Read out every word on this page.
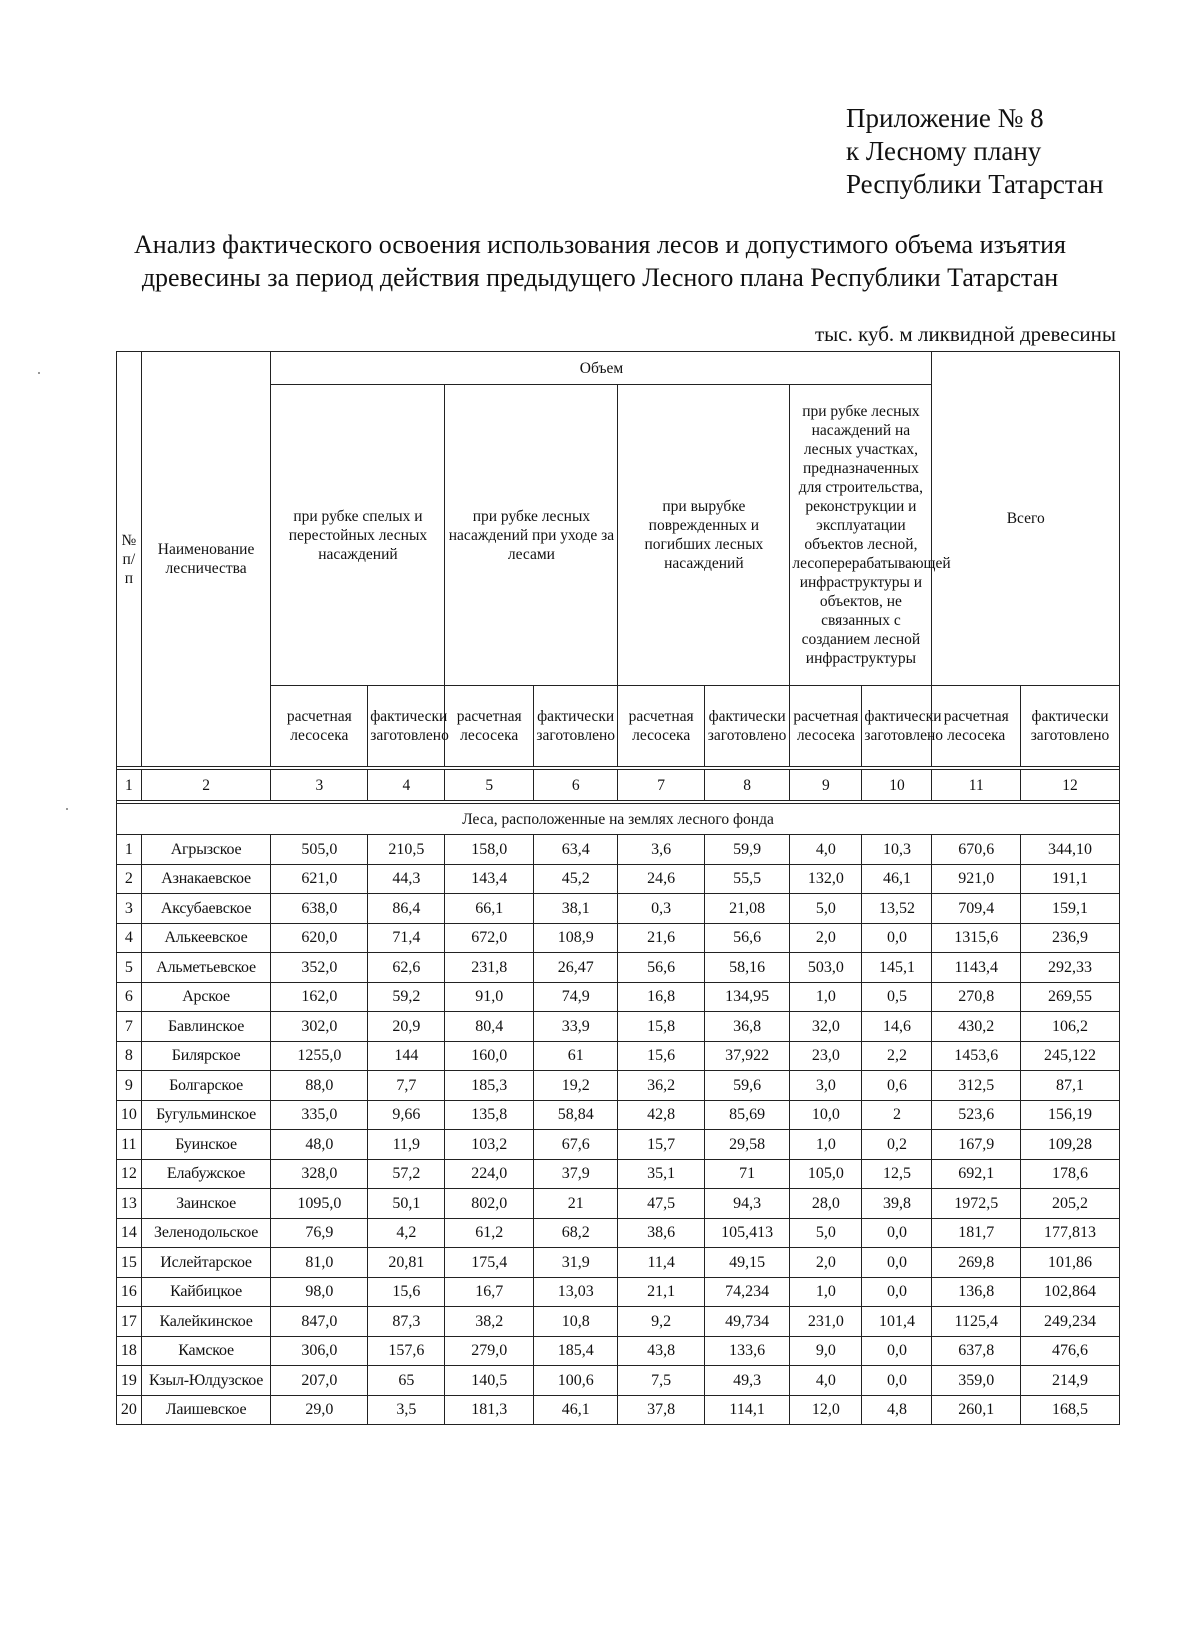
Приложение № 8
к Лесному плану
Республики Татарстан
Анализ фактического освоения использования лесов и допустимого объема изъятия
древесины за период действия предыдущего Лесного плана Республики Татарстан
тыс. куб. м ликвидной древесины
№ п/п	Наименование лесничества	Объем								Всего	
		при рубке спелых и перестойных лесных насаждений		при рубке лесных насаждений при уходе за лесами		при вырубке поврежденных и погибших лесных насаждений		при рубке лесных насаждений на лесных участках, предназначенных для строительства, реконструкции и эксплуатации объектов лесной, лесоперерабатывающей инфраструктуры и объектов, не связанных с созданием лесной инфраструктуры			
		расчетная лесосека	фактически заготовлено	расчетная лесосека	фактически заготовлено	расчетная лесосека	фактически заготовлено	расчетная лесосека	фактически заготовлено	расчетная лесосека	фактически заготовлено

1	2	3	4	5	6	7	8	9	10	11	12

Леса, расположенные на землях лесного фонда											
1	Агрызское	505,0	210,5	158,0	63,4	3,6	59,9	4,0	10,3	670,6	344,10
2	Азнакаевское	621,0	44,3	143,4	45,2	24,6	55,5	132,0	46,1	921,0	191,1
3	Аксубаевское	638,0	86,4	66,1	38,1	0,3	21,08	5,0	13,52	709,4	159,1
4	Алькеевское	620,0	71,4	672,0	108,9	21,6	56,6	2,0	0,0	1315,6	236,9
5	Альметьевское	352,0	62,6	231,8	26,47	56,6	58,16	503,0	145,1	1143,4	292,33
6	Арское	162,0	59,2	91,0	74,9	16,8	134,95	1,0	0,5	270,8	269,55
7	Бавлинское	302,0	20,9	80,4	33,9	15,8	36,8	32,0	14,6	430,2	106,2
8	Билярское	1255,0	144	160,0	61	15,6	37,922	23,0	2,2	1453,6	245,122
9	Болгарское	88,0	7,7	185,3	19,2	36,2	59,6	3,0	0,6	312,5	87,1
10	Бугульминское	335,0	9,66	135,8	58,84	42,8	85,69	10,0	2	523,6	156,19
11	Буинское	48,0	11,9	103,2	67,6	15,7	29,58	1,0	0,2	167,9	109,28
12	Елабужское	328,0	57,2	224,0	37,9	35,1	71	105,0	12,5	692,1	178,6
13	Заинское	1095,0	50,1	802,0	21	47,5	94,3	28,0	39,8	1972,5	205,2
14	Зеленодольское	76,9	4,2	61,2	68,2	38,6	105,413	5,0	0,0	181,7	177,813
15	Ислейтарское	81,0	20,81	175,4	31,9	11,4	49,15	2,0	0,0	269,8	101,86
16	Кайбицкое	98,0	15,6	16,7	13,03	21,1	74,234	1,0	0,0	136,8	102,864
17	Калейкинское	847,0	87,3	38,2	10,8	9,2	49,734	231,0	101,4	1125,4	249,234
18	Камское	306,0	157,6	279,0	185,4	43,8	133,6	9,0	0,0	637,8	476,6
19	Кзыл-Юлдузское	207,0	65	140,5	100,6	7,5	49,3	4,0	0,0	359,0	214,9
20	Лаишевское	29,0	3,5	181,3	46,1	37,8	114,1	12,0	4,8	260,1	168,5
